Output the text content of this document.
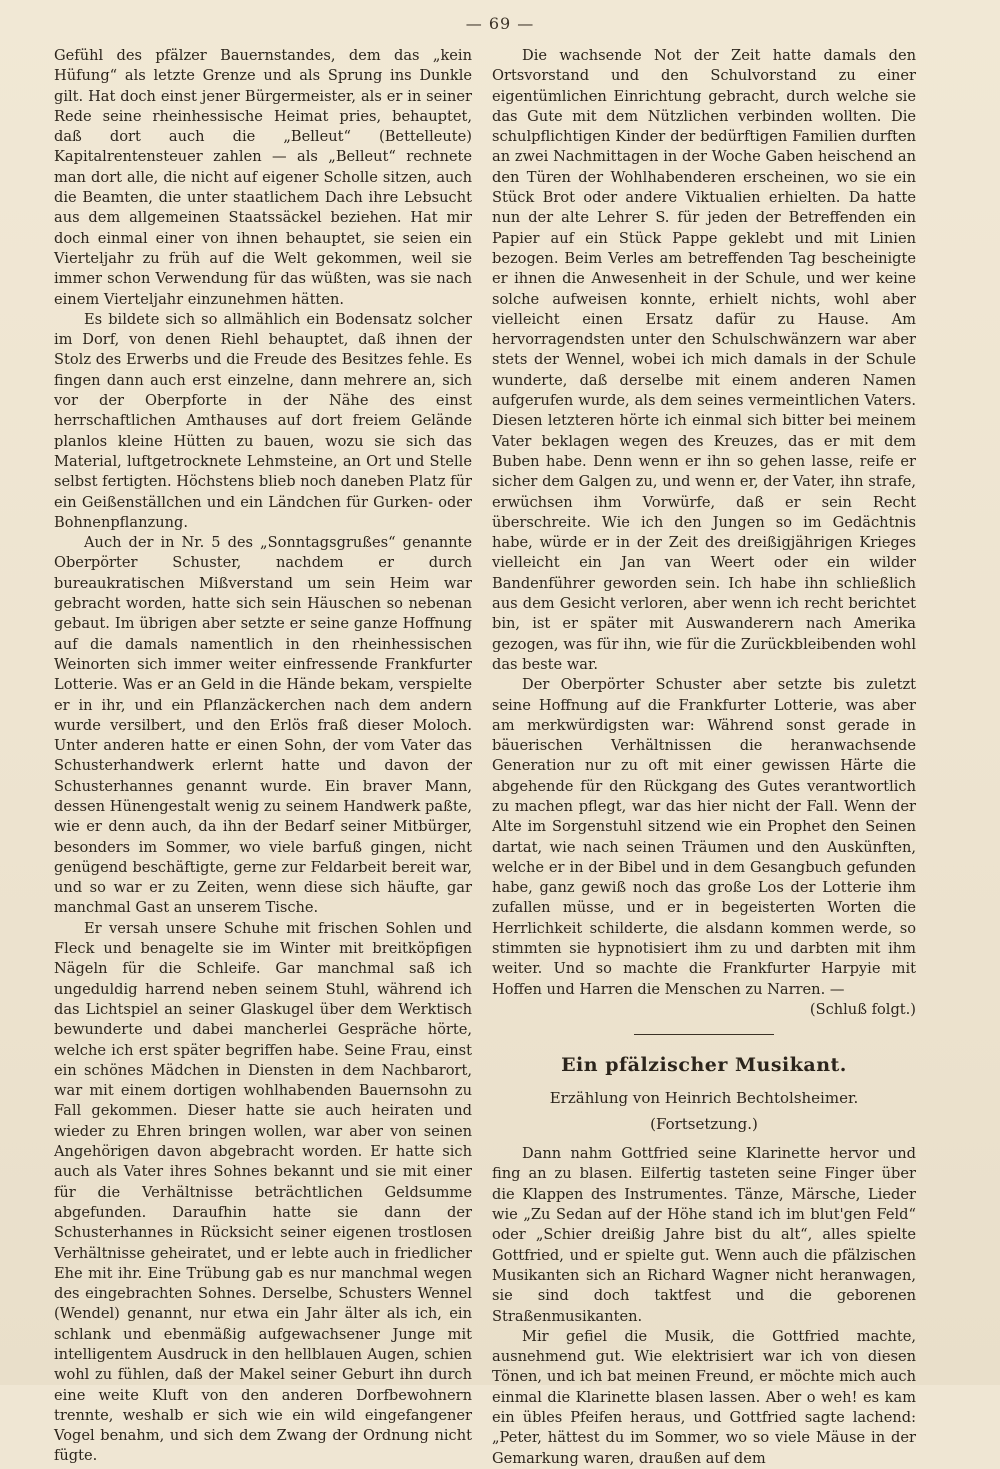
— 69 —

Gefühl des pfälzer Bauernstandes, dem das „kein Hüfung“ als letzte Grenze und als Sprung ins Dunkle gilt. Hat doch einst jener Bürgermeister, als er in seiner Rede seine rheinhessische Heimat pries, behauptet, daß dort auch die „Belleut“ (Bettelleute) Kapitalrentensteuer zahlen — als „Belleut“ rechnete man dort alle, die nicht auf eigener Scholle sitzen, auch die Beamten, die unter staatlichem Dach ihre Lebsucht aus dem allgemeinen Staatssäckel beziehen. Hat mir doch einmal einer von ihnen behauptet, sie seien ein Vierteljahr zu früh auf die Welt gekommen, weil sie immer schon Verwendung für das wüßten, was sie nach einem Vierteljahr einzunehmen hätten.

Es bildete sich so allmählich ein Bodensatz solcher im Dorf, von denen Riehl behauptet, daß ihnen der Stolz des Erwerbs und die Freude des Besitzes fehle. Es fingen dann auch erst einzelne, dann mehrere an, sich vor der Oberpforte in der Nähe des einst herrschaftlichen Amthauses auf dort freiem Gelände planlos kleine Hütten zu bauen, wozu sie sich das Material, luftgetrocknete Lehmsteine, an Ort und Stelle selbst fertigten. Höchstens blieb noch daneben Platz für ein Geißenställchen und ein Ländchen für Gurken- oder Bohnenpflanzung.

Auch der in Nr. 5 des „Sonntagsgrußes“ genannte Oberpörter Schuster, nachdem er durch bureaukratischen Mißverstand um sein Heim war gebracht worden, hatte sich sein Häuschen so nebenan gebaut. Im übrigen aber setzte er seine ganze Hoffnung auf die damals namentlich in den rheinhessischen Weinorten sich immer weiter einfressende Frankfurter Lotterie. Was er an Geld in die Hände bekam, verspielte er in ihr, und ein Pflanzäckerchen nach dem andern wurde versilbert, und den Erlös fraß dieser Moloch. Unter anderen hatte er einen Sohn, der vom Vater das Schusterhandwerk erlernt hatte und davon der Schusterhannes genannt wurde. Ein braver Mann, dessen Hünengestalt wenig zu seinem Handwerk paßte, wie er denn auch, da ihn der Bedarf seiner Mitbürger, besonders im Sommer, wo viele barfuß gingen, nicht genügend beschäftigte, gerne zur Feldarbeit bereit war, und so war er zu Zeiten, wenn diese sich häufte, gar manchmal Gast an unserem Tische.

Er versah unsere Schuhe mit frischen Sohlen und Fleck und benagelte sie im Winter mit breitköpfigen Nägeln für die Schleife. Gar manchmal saß ich ungeduldig harrend neben seinem Stuhl, während ich das Lichtspiel an seiner Glaskugel über dem Werktisch bewunderte und dabei mancherlei Gespräche hörte, welche ich erst später begriffen habe. Seine Frau, einst ein schönes Mädchen in Diensten in dem Nachbarort, war mit einem dortigen wohlhabenden Bauernsohn zu Fall gekommen. Dieser hatte sie auch heiraten und wieder zu Ehren bringen wollen, war aber von seinen Angehörigen davon abgebracht worden. Er hatte sich auch als Vater ihres Sohnes bekannt und sie mit einer für die Verhältnisse beträchtlichen Geldsumme abgefunden. Daraufhin hatte sie dann der Schusterhannes in Rücksicht seiner eigenen trostlosen Verhältnisse geheiratet, und er lebte auch in friedlicher Ehe mit ihr. Eine Trübung gab es nur manchmal wegen des eingebrachten Sohnes. Derselbe, Schusters Wennel (Wendel) genannt, nur etwa ein Jahr älter als ich, ein schlank und ebenmäßig aufgewachsener Junge mit intelligentem Ausdruck in den hellblauen Augen, schien wohl zu fühlen, daß der Makel seiner Geburt ihn durch eine weite Kluft von den anderen Dorfbewohnern trennte, weshalb er sich wie ein wild eingefangener Vogel benahm, und sich dem Zwang der Ordnung nicht fügte.

Die wachsende Not der Zeit hatte damals den Ortsvorstand und den Schulvorstand zu einer eigentümlichen Einrichtung gebracht, durch welche sie das Gute mit dem Nützlichen verbinden wollten. Die schulpflichtigen Kinder der bedürftigen Familien durften an zwei Nachmittagen in der Woche Gaben heischend an den Türen der Wohlhabenderen erscheinen, wo sie ein Stück Brot oder andere Viktualien erhielten. Da hatte nun der alte Lehrer S. für jeden der Betreffenden ein Papier auf ein Stück Pappe geklebt und mit Linien bezogen. Beim Verles am betreffenden Tag bescheinigte er ihnen die Anwesenheit in der Schule, und wer keine solche aufweisen konnte, erhielt nichts, wohl aber vielleicht einen Ersatz dafür zu Hause. Am hervorragendsten unter den Schulschwänzern war aber stets der Wennel, wobei ich mich damals in der Schule wunderte, daß derselbe mit einem anderen Namen aufgerufen wurde, als dem seines vermeintlichen Vaters. Diesen letzteren hörte ich einmal sich bitter bei meinem Vater beklagen wegen des Kreuzes, das er mit dem Buben habe. Denn wenn er ihn so gehen lasse, reife er sicher dem Galgen zu, und wenn er, der Vater, ihn strafe, erwüchsen ihm Vorwürfe, daß er sein Recht überschreite. Wie ich den Jungen so im Gedächtnis habe, würde er in der Zeit des dreißigjährigen Krieges vielleicht ein Jan van Weert oder ein wilder Bandenführer geworden sein. Ich habe ihn schließlich aus dem Gesicht verloren, aber wenn ich recht berichtet bin, ist er später mit Auswanderern nach Amerika gezogen, was für ihn, wie für die Zurückbleibenden wohl das beste war.

Der Oberpörter Schuster aber setzte bis zuletzt seine Hoffnung auf die Frankfurter Lotterie, was aber am merkwürdigsten war: Während sonst gerade in bäuerischen Verhältnissen die heranwachsende Generation nur zu oft mit einer gewissen Härte die abgehende für den Rückgang des Gutes verantwortlich zu machen pflegt, war das hier nicht der Fall. Wenn der Alte im Sorgenstuhl sitzend wie ein Prophet den Seinen dartat, wie nach seinen Träumen und den Auskünften, welche er in der Bibel und in dem Gesangbuch gefunden habe, ganz gewiß noch das große Los der Lotterie ihm zufallen müsse, und er in begeisterten Worten die Herrlichkeit schilderte, die alsdann kommen werde, so stimmten sie hypnotisiert ihm zu und darbten mit ihm weiter. Und so machte die Frankfurter Harpyie mit Hoffen und Harren die Menschen zu Narren. —

(Schluß folgt.)
Ein pfälzischer Musikant.
Erzählung von Heinrich Bechtolsheimer.
(Fortsetzung.)

Dann nahm Gottfried seine Klarinette hervor und fing an zu blasen. Eilfertig tasteten seine Finger über die Klappen des Instrumentes. Tänze, Märsche, Lieder wie „Zu Sedan auf der Höhe stand ich im blut'gen Feld“ oder „Schier dreißig Jahre bist du alt“, alles spielte Gottfried, und er spielte gut. Wenn auch die pfälzischen Musikanten sich an Richard Wagner nicht heranwagen, sie sind doch taktfest und die geborenen Straßenmusikanten.

Mir gefiel die Musik, die Gottfried machte, ausnehmend gut. Wie elektrisiert war ich von diesen Tönen, und ich bat meinen Freund, er möchte mich auch einmal die Klarinette blasen lassen. Aber o weh! es kam ein übles Pfeifen heraus, und Gottfried sagte lachend: „Peter, hättest du im Sommer, wo so viele Mäuse in der Gemarkung waren, draußen auf dem
